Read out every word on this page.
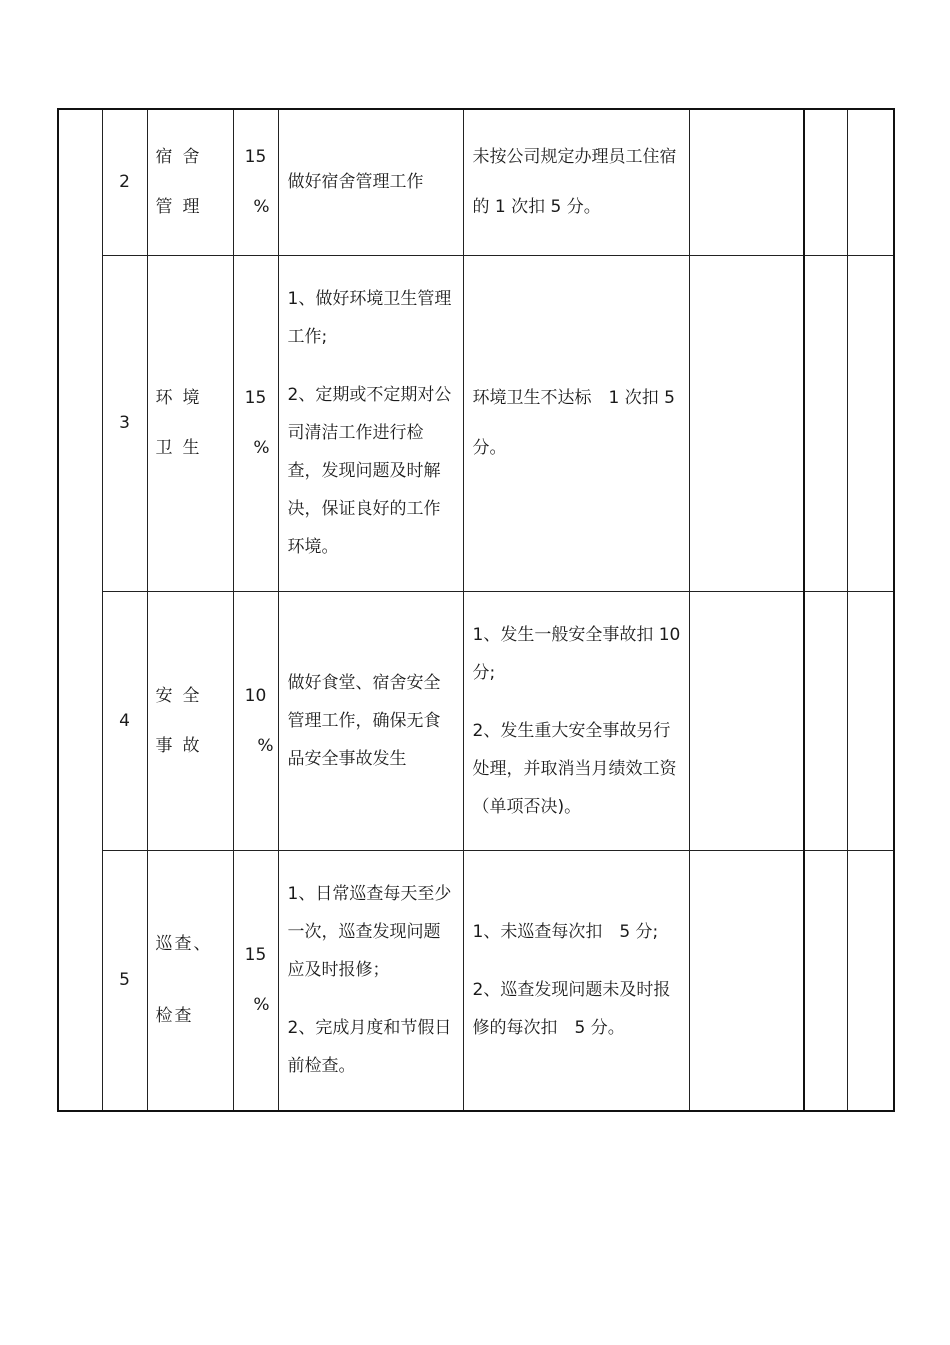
	2	宿舍管理	15
%	做好宿舍管理工作	未按公司规定办理员工住宿的 1 次扣 5 分。			

	3	环境卫生	15
%	1、做好环境卫生管理工作;
2、定期或不定期对公司清洁工作进行检查，发现问题及时解决，保证良好的工作环境。	环境卫生不达标　1 次扣 5 分。			

	4	安全事故	10
%	做好食堂、宿舍安全管理工作，确保无食品安全事故发生	1、发生一般安全事故扣 10 分;
2、发生重大安全事故另行处理，并取消当月绩效工资（单项否决)。			

	5	巡查、检查	15
%	1、日常巡查每天至少一次，巡查发现问题应及时报修；
2、完成月度和节假日前检查。	1、未巡查每次扣　5 分;
2、巡查发现问题未及时报修的每次扣　5 分。			
